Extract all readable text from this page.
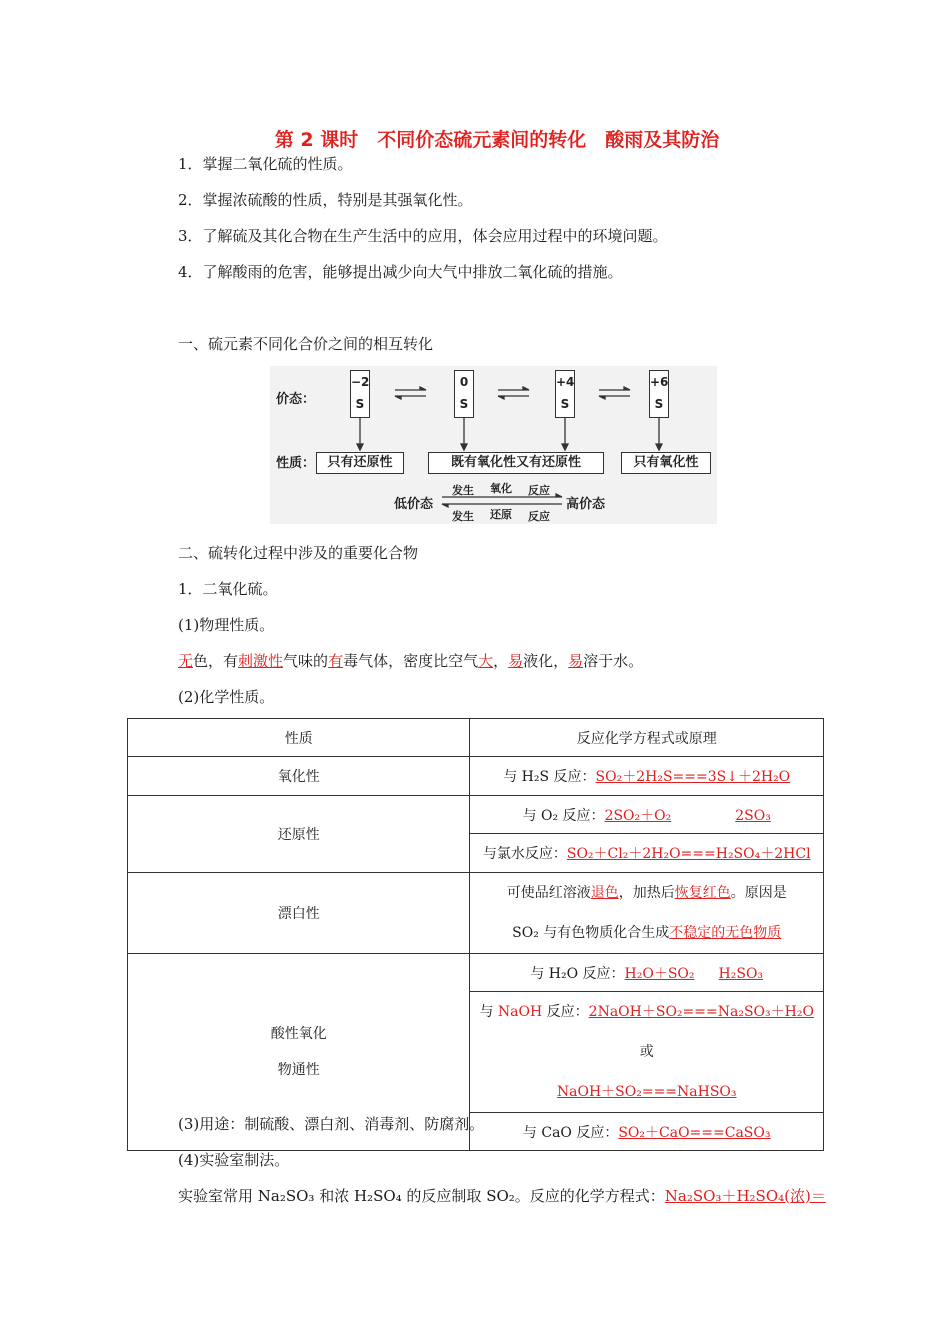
第 2 课时　不同价态硫元素间的转化　酸雨及其防治
1．掌握二氧化硫的性质。
2．掌握浓硫酸的性质，特别是其强氧化性。
3．了解硫及其化合物在生产生活中的应用，体会应用过程中的环境问题。
4．了解酸雨的危害，能够提出减少向大气中排放二氧化硫的措施。
一、硫元素不同化合价之间的相互转化
价态：
性质：
−2
S
0
S
+4
S
+6
S
只有还原性	既有氧化性又有还原性	只有氧化性
低价态	高价态
发生 氧化 反应
发生 还原 反应
二、硫转化过程中涉及的重要化合物
1．二氧化硫。
(1)物理性质。
无色，有刺激性气味的有毒气体，密度比空气大，易液化，易溶于水。
(2)化学性质。
性质	反应化学方程式或原理
氧化性	与 H₂S 反应：SO₂＋2H₂S===3S↓＋2H₂O
还原性	与 O₂ 反应：2SO₂＋O₂ 2SO₃
	与氯水反应：SO₂＋Cl₂＋2H₂O===H₂SO₄＋2HCl
漂白性	可使品红溶液退色，加热后恢复红色。原因是
SO₂ 与有色物质化合生成不稳定的无色物质

酸性氧化
物通性	与 H₂O 反应：H₂O＋SO₂ H₂SO₃

	与 NaOH 反应：2NaOH＋SO₂===Na₂SO₃＋H₂O 或
NaOH＋SO₂===NaHSO₃

	与 CaO 反应：SO₂＋CaO===CaSO₃
(3)用途：制硫酸、漂白剂、消毒剂、防腐剂。
(4)实验室制法。
实验室常用 Na₂SO₃ 和浓 H₂SO₄ 的反应制取 SO₂。反应的化学方程式：Na₂SO₃＋H₂SO₄(浓)＝
